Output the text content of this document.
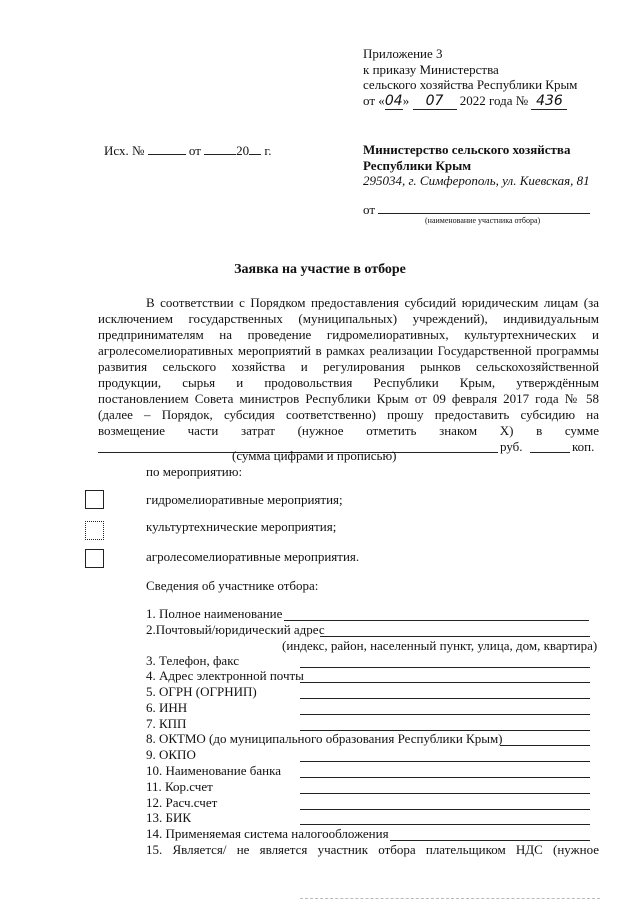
Приложение 3
к приказу Министерства
сельского хозяйства Республики Крым
от «04» 07 2022 года № 436
Исх. №	от	20 г.	Министерство сельского хозяйства
Республики Крым
295034, г. Симферополь, ул. Киевская, 81
от
(наименование участника отбора)
Заявка на участие в отборе
В соответствии с Порядком предоставления субсидий юридическим лицам (за
исключением государственных (муниципальных) учреждений), индивидуальным
предпринимателям на проведение гидромелиоративных, культуртехнических и
агролесомелиоративных мероприятий в рамках реализации Государственной программы
развития сельского хозяйства и регулирования рынков сельскохозяйственной
продукции, сырья и продовольствия Республики Крым, утверждённым
постановлением Совета министров Республики Крым от 09 февраля 2017 года № 58
(далее – Порядок, субсидия соответственно) прошу предоставить субсидию на
возмещение части затрат (нужное отметить знаком Х) в сумме
руб.	коп.
(сумма цифрами и прописью)
по мероприятию:
гидромелиоративные мероприятия;
культуртехнические мероприятия;
агролесомелиоративные мероприятия.
Сведения об участнике отбора:
1. Полное наименование
2.Почтовый/юридический адрес
(индекс, район, населенный пункт, улица, дом, квартира)
3. Телефон, факс
4. Адрес электронной почты
5. ОГРН (ОГРНИП)
6. ИНН
7. КПП
8. ОКТМО (до муниципального образования Республики Крым)
9. ОКПО
10. Наименование банка
11. Кор.счет
12. Расч.счет
13. БИК
14. Применяемая система налогообложения
15. Является/ не является участник отбора плательщиком НДС (нужное
